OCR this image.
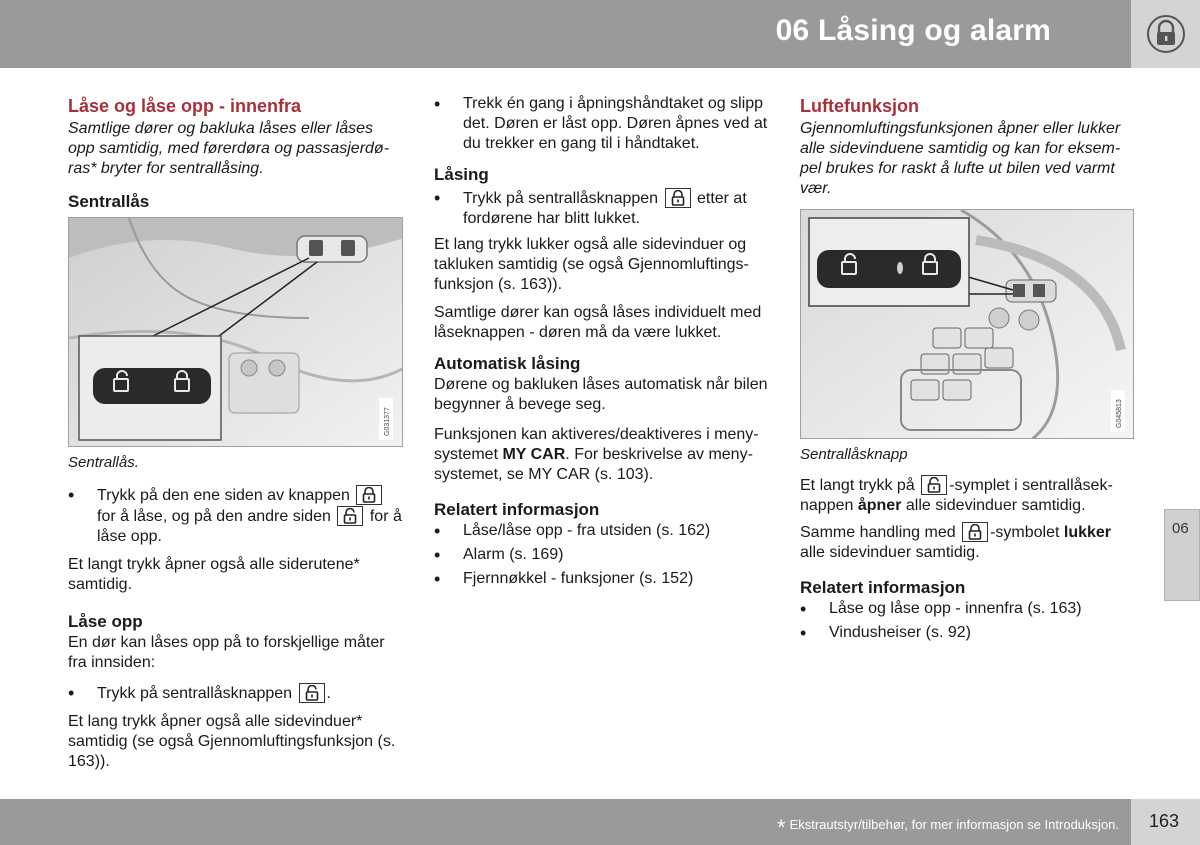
06 Låsing og alarm
Låse og låse opp - innenfra

Samtlige dører og bakluka låses eller låses opp samtidig, med førerdøra og passasjerdø-ras* bryter for sentrallåsing.

Sentrallås
G031377
Sentrallås.
• Trykk på den ene siden av knappen

for å låse, og på den andre siden for å låse opp.

Et langt trykk åpner også alle siderutene* samtidig.

Låse opp

En dør kan låses opp på to forskjellige måter fra innsiden:

• Trykk på sentrallåsknappen .

Et lang trykk åpner også alle sidevinduer* samtidig (se også Gjennomluftingsfunksjon (s. 163)).

• Trekk én gang i åpningshåndtaket og slipp det. Døren er låst opp. Døren åpnes ved at du trekker en gang til i håndtaket.
Låsing
• Trykk på sentrallåsknappen etter at fordørene har blitt lukket.

Et lang trykk lukker også alle sidevinduer og takluken samtidig (se også Gjennomluftings-funksjon (s. 163)).

Samtlige dører kan også låses individuelt med låseknappen - døren må da være lukket.

Automatisk låsing

Dørene og bakluken låses automatisk når bilen begynner å bevege seg.

Funksjonen kan aktiveres/deaktiveres i meny-systemet MY CAR. For beskrivelse av meny-systemet, se MY CAR (s. 103).

Relatert informasjon
• Låse/låse opp - fra utsiden (s. 162)
• Alarm (s. 169)
• Fjernnøkkel - funksjoner (s. 152)
Luftefunksjon

Gjennomluftingsfunksjonen åpner eller lukker alle sidevinduene samtidig og kan for eksem-pel brukes for raskt å lufte ut bilen ved varmt vær.

G045813
Sentrallåsknapp

Et langt trykk på -symplet i sentrallåsek-nappen åpner alle sidevinduer samtidig.

Samme handling med -symbolet lukker alle sidevinduer samtidig.

Relatert informasjon
• Låse og låse opp - innenfra (s. 163)
• Vindusheiser (s. 92)
06
* Ekstrautstyr/tilbehør, for mer informasjon se Introduksjon. 163
